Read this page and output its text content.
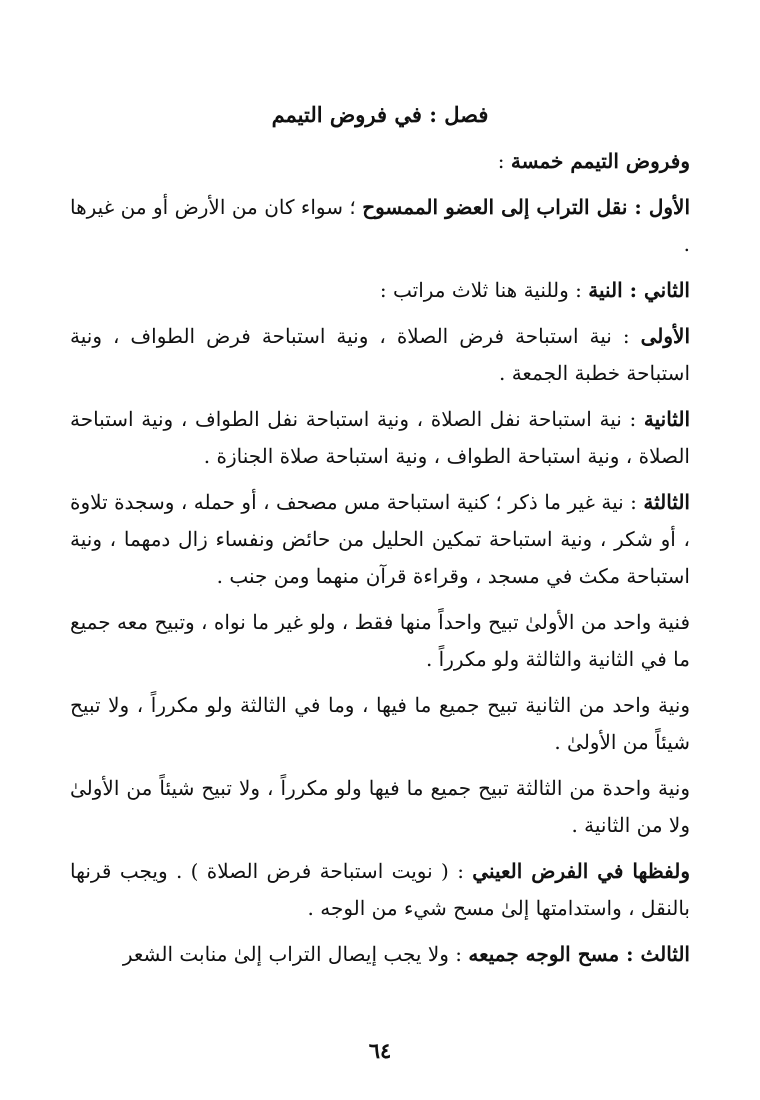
فصل : في فروض التيمم

وفروض التيمم خمسة :

الأول : نقل التراب إلى العضو الممسوح ؛ سواء كان من الأرض أو من غيرها .

الثاني : النية : وللنية هنا ثلاث مراتب :

الأولى : نية استباحة فرض الصلاة ، ونية استباحة فرض الطواف ، ونية استباحة خطبة الجمعة .

الثانية : نية استباحة نفل الصلاة ، ونية استباحة نفل الطواف ، ونية استباحة الصلاة ، ونية استباحة الطواف ، ونية استباحة صلاة الجنازة .

الثالثة : نية غير ما ذكر ؛ كنية استباحة مس مصحف ، أو حمله ، وسجدة تلاوة ، أو شكر ، ونية استباحة تمكين الحليل من حائض ونفساء زال دمهما ، ونية استباحة مكث في مسجد ، وقراءة قرآن منهما ومن جنب .

فنية واحد من الأولىٰ تبيح واحداً منها فقط ، ولو غير ما نواه ، وتبيح معه جميع ما في الثانية والثالثة ولو مكرراً .

ونية واحد من الثانية تبيح جميع ما فيها ، وما في الثالثة ولو مكرراً ، ولا تبيح شيئاً من الأولىٰ .

ونية واحدة من الثالثة تبيح جميع ما فيها ولو مكرراً ، ولا تبيح شيئاً من الأولىٰ ولا من الثانية .

ولفظها في الفرض العيني : ( نويت استباحة فرض الصلاة ) . ويجب قرنها بالنقل ، واستدامتها إلىٰ مسح شيء من الوجه .

الثالث : مسح الوجه جميعه : ولا يجب إيصال التراب إلىٰ منابت الشعر

٦٤
